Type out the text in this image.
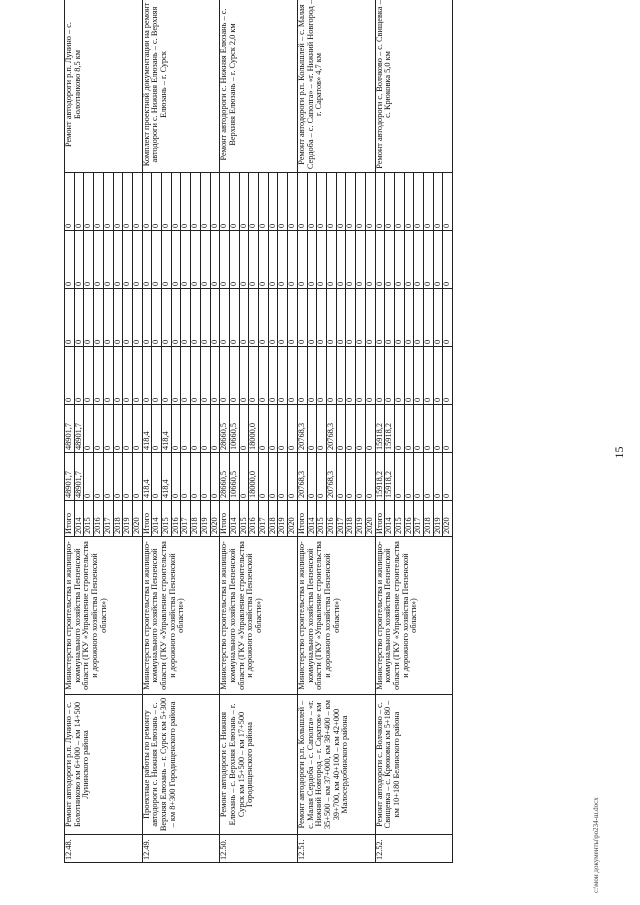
15
12.48.	Ремонт автодороги р.п. Лунино – с. Болотниково км 6+000 – км 14+500 Лунинского района	Министерство строительства и жилищно-коммунального хозяйства Пензенской области (ГКУ «Управление строительства и дорожного хозяйства Пензенской области»)	Итого	48901,7	48901,7	0	0	0	0	Ремонт автодороги р.п. Лунино – с. Болотниково 8,5 км
			2014	48901,7	48901,7	0	0	0	0	
			2015	0	0	0	0	0	0	
			2016	0	0	0	0	0	0	
			2017	0	0	0	0	0	0	
			2018	0	0	0	0	0	0	
			2019	0	0	0	0	0	0	
			2020	0	0	0	0	0	0	
12.49.	Проектные работы по ремонту автодороги с. Нижняя Елюзань – с. Верхняя Елюзань – г. Сурск км 5+300 – км 8+300 Городищенского района	Министерство строительства и жилищно-коммунального хозяйства Пензенской области (ГКУ «Управление строительства и дорожного хозяйства Пензенской области»)	Итого	418,4	418,4	0	0	0	0	Комплект проектной документации на ремонт автодороги с. Нижняя Елюзань – с. Верхняя Елюзань – г. Сурск
			2014	0	0	0	0	0	0	
			2015	418,4	418,4	0	0	0	0	
			2016	0	0	0	0	0	0	
			2017	0	0	0	0	0	0	
			2018	0	0	0	0	0	0	
			2019	0	0	0	0	0	0	
			2020	0	0	0	0	0	0	
12.50.	Ремонт автодороги с. Нижняя Елюзань – с. Верхняя Елюзань – г. Сурск км 15+500 – км 17+500 Городищенского района	Министерство строительства и жилищно-коммунального хозяйства Пензенской области (ГКУ «Управление строительства и дорожного хозяйства Пензенской области»)	Итого	28660,5	28660,5	0	0	0	0	Ремонт автодороги с. Нижняя Елюзань – с. Верхняя Елюзань – г. Сурск 2,0 км
			2014	10660,5	10660,5	0	0	0	0	
			2015	0	0	0	0	0	0	
			2016	18000,0	18000,0	0	0	0	0	
			2017	0	0	0	0	0	0	
			2018	0	0	0	0	0	0	
			2019	0	0	0	0	0	0	
			2020	0	0	0	0	0	0	
12.51.	Ремонт автодороги р.п. Колышлей – с. Малая Сердоба – с. Саполга» – «г. Нижний Новгород – г. Саратов» км 35+500 – км 37+000, км 38+400 – км 39+700, км 40+100 – км 42+000 Малосердобинского района	Министерство строительства и жилищно-коммунального хозяйства Пензенской области (ГКУ «Управление строительства и дорожного хозяйства Пензенской области»)	Итого	20768,3	20768,3	0	0	0	0	Ремонт автодороги р.п. Колышлей – с. Малая Сердоба – с. Саполга» – «г. Нижний Новгород – г. Саратов» 4,7 км
			2014	0	0	0	0	0	0	
			2015	0	0	0	0	0	0	
			2016	20768,3	20768,3	0	0	0	0	
			2017	0	0	0	0	0	0	
			2018	0	0	0	0	0	0	
			2019	0	0	0	0	0	0	
			2020	0	0	0	0	0	0	
12.52.	Ремонт автодороги с. Волчково – с. Свищевка – с. Крюковка км 5+180 – км 10+180 Белинского района	Министерство строительства и жилищно-коммунального хозяйства Пензенской области (ГКУ «Управление строительства и дорожного хозяйства Пензенской области»)	Итого	15918,2	15918,2	0	0	0	0	Ремонт автодороги с. Волчково – с. Свищевка – с. Крюковка 5,0 км
			2014	15918,2	15918,2	0	0	0	0	
			2015	0	0	0	0	0	0	
			2016	0	0	0	0	0	0	
			2017	0	0	0	0	0	0	
			2018	0	0	0	0	0	0	
			2019	0	0	0	0	0	0	
			2020	0	0	0	0	0	0	
c:\мои документы\ро234-ш.docx
